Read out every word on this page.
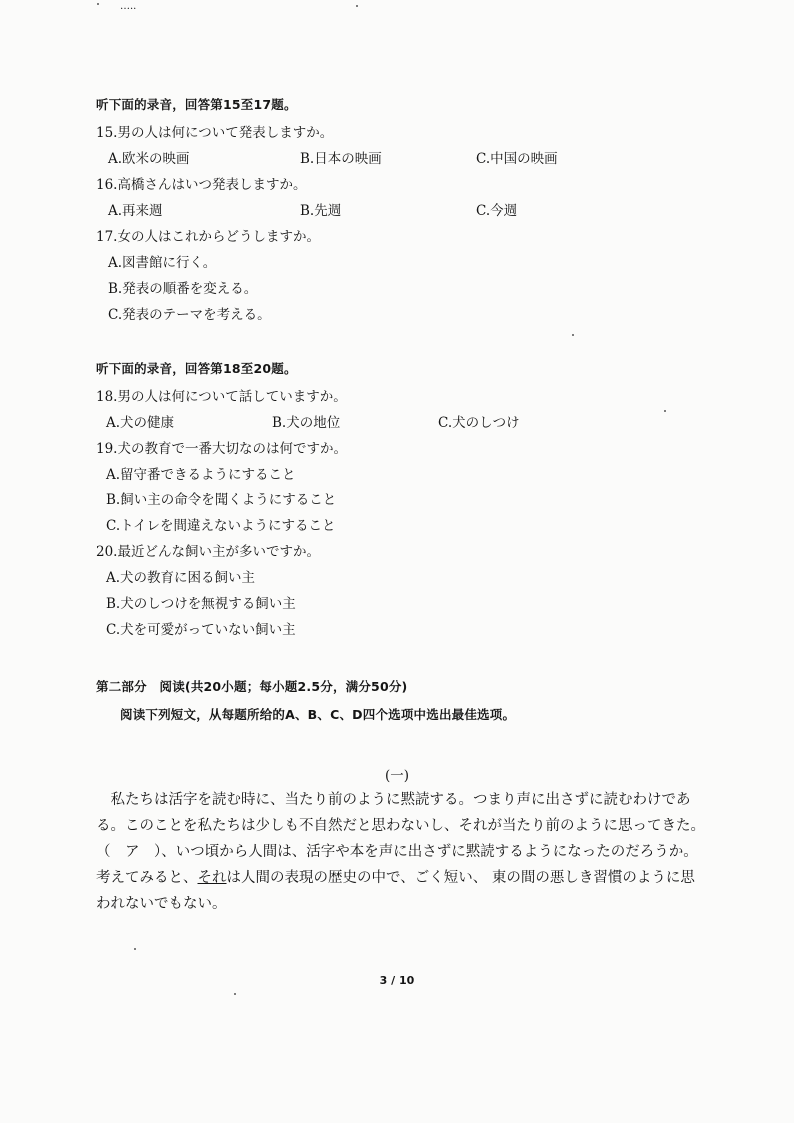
…..
听下面的录音，回答第15至17题。
15.男の人は何について発表しますか。
A.欧米の映画	B.日本の映画	C.中国の映画
16.高橋さんはいつ発表しますか。
A.再来週	B.先週	C.今週
17.女の人はこれからどうしますか。
A.図書館に行く。
B.発表の順番を変える。
C.発表のテーマを考える。
听下面的录音，回答第18至20题。
18.男の人は何について話していますか。
A.犬の健康	B.犬の地位	C.犬のしつけ
19.犬の教育で一番大切なのは何ですか。
A.留守番できるようにすること
B.飼い主の命令を聞くようにすること
C.トイレを間違えないようにすること
20.最近どんな飼い主が多いですか。
A.犬の教育に困る飼い主
B.犬のしつけを無視する飼い主
C.犬を可愛がっていない飼い主
第二部分　阅读(共20小题；每小题2.5分，满分50分)
阅读下列短文，从每题所给的A、B、C、D四个选项中选出最佳选项。
(一)
　私たちは活字を読む時に、当たり前のように黙読する。つまり声に出さずに読むわけである。このことを私たちは少しも不自然だと思わないし、それが当たり前のように思ってきた。
（　ア　）、いつ頃から人間は、活字や本を声に出さずに黙読するようになったのだろうか。考えてみると、それは人間の表現の歴史の中で、ごく短い、 東の間の悪しき習慣のように思われないでもない。
3 / 10
